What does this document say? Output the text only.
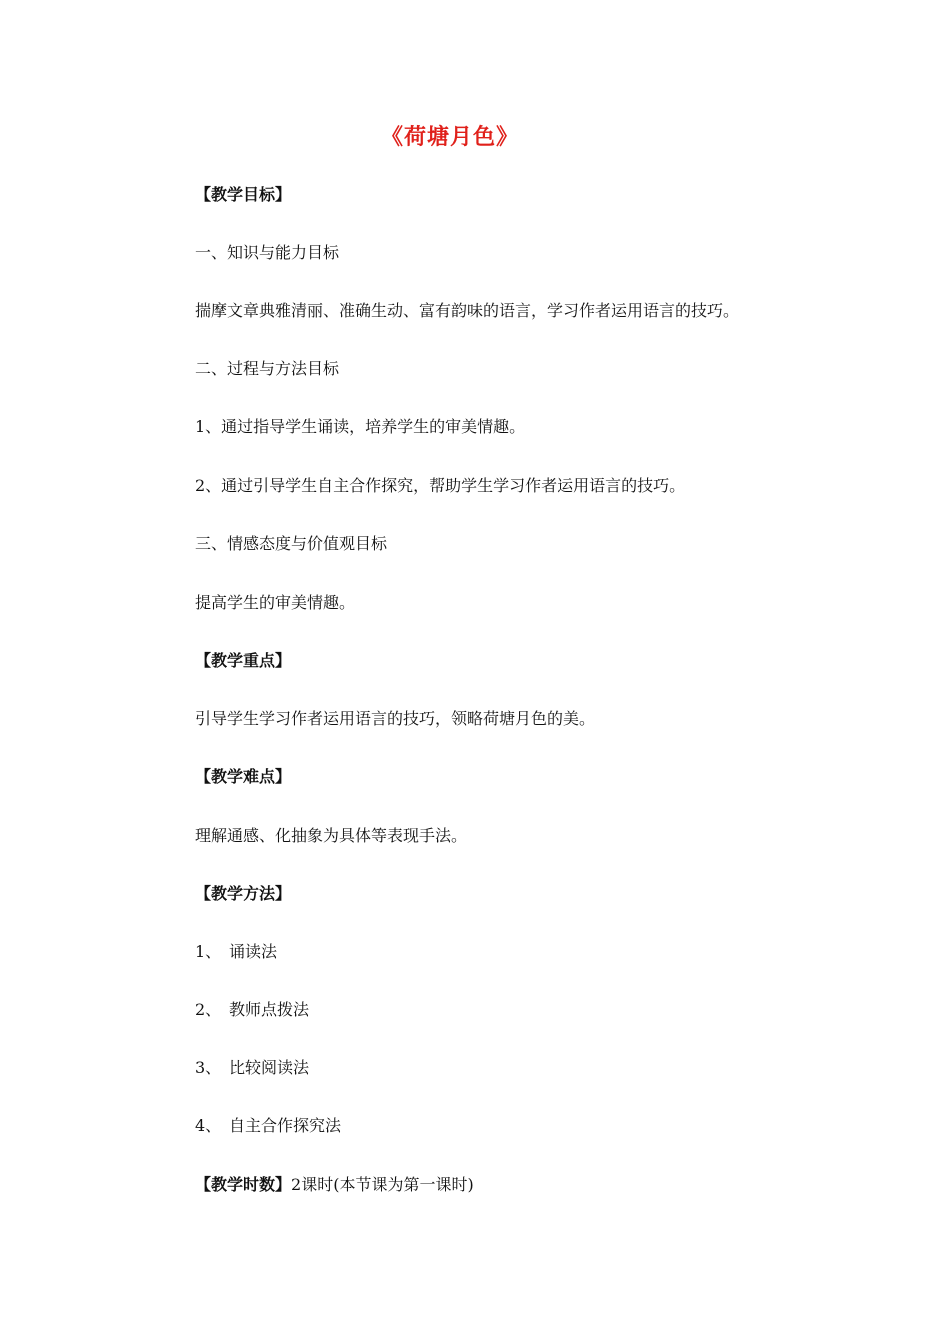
《荷塘月色》
【教学目标】
一、知识与能力目标
揣摩文章典雅清丽、准确生动、富有韵味的语言，学习作者运用语言的技巧。
二、过程与方法目标
1、通过指导学生诵读，培养学生的审美情趣。
2、通过引导学生自主合作探究，帮助学生学习作者运用语言的技巧。
三、情感态度与价值观目标
提高学生的审美情趣。
【教学重点】
引导学生学习作者运用语言的技巧，领略荷塘月色的美。
【教学难点】
理解通感、化抽象为具体等表现手法。
【教学方法】
1、 诵读法
2、 教师点拨法
3、 比较阅读法
4、 自主合作探究法
【教学时数】2课时(本节课为第一课时)
